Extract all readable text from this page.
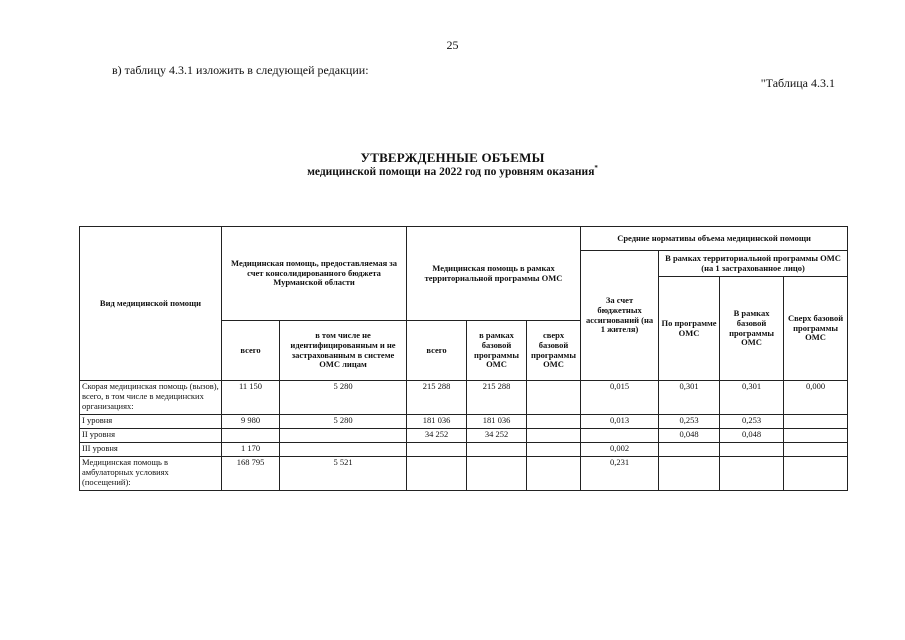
25
в) таблицу 4.3.1 изложить в следующей редакции:
"Таблица 4.3.1
УТВЕРЖДЕННЫЕ ОБЪЕМЫ
медицинской помощи на 2022 год по уровням оказания*
Вид медицинской помощи	Медицинская помощь, предоставляемая за счет консолидированного бюджета Мурманской области		Медицинская помощь в рамках территориальной программы ОМС			Средние нормативы объема медицинской помощи			
						За счет бюджетных ассигнований (на 1 жителя)	В рамках территориальной программы ОМС (на 1 застрахованное лицо)		
							По программе ОМС	В рамках базовой программы ОМС	Сверх базовой программы ОМС
	всего	в том числе не идентифицированным и не застрахованным в системе ОМС лицам	всего	в рамках базовой программы ОМС	сверх базовой программы ОМС				
Скорая медицинская помощь (вызов), всего, в том числе в медицинских организациях:	11 150	5 280	215 288	215 288		0,015	0,301	0,301	0,000
I уровня	9 980	5 280	181 036	181 036		0,013	0,253	0,253	
II уровня			34 252	34 252			0,048	0,048	
III уровня	1 170					0,002			
Медицинская помощь в амбулаторных условиях (посещений):	168 795	5 521				0,231			
